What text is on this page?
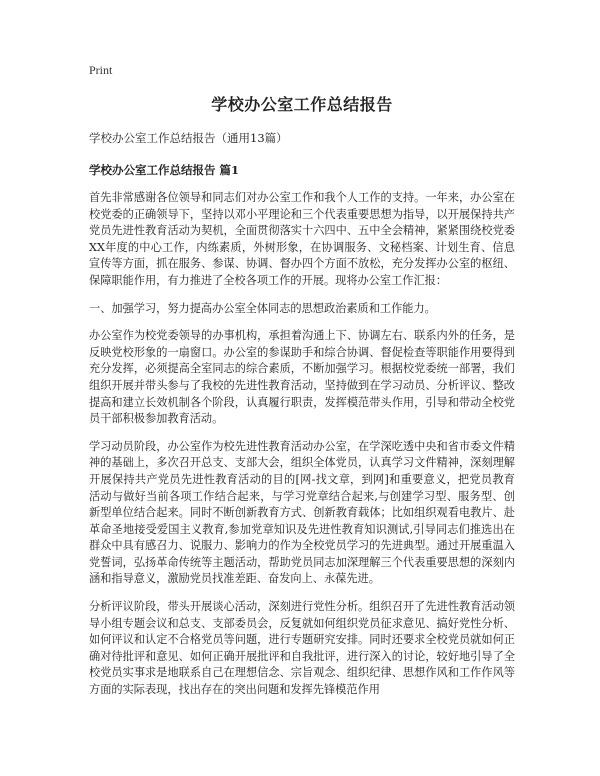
Print
学校办公室工作总结报告
学校办公室工作总结报告（通用13篇）
学校办公室工作总结报告 篇1

首先非常感谢各位领导和同志们对办公室工作和我个人工作的支持。一年来，办公室在校党委的正确领导下，坚持以邓小平理论和三个代表重要思想为指导，以开展保持共产党员先进性教育活动为契机，全面贯彻落实十六四中、五中全会精神，紧紧围绕校党委XX年度的中心工作，内练素质，外树形象，在协调服务、文秘档案、计划生育、信息宣传等方面，抓在服务、参谋、协调、督办四个方面不放松，充分发挥办公室的枢纽、保障职能作用，有力推进了全校各项工作的开展。现将办公室工作汇报：

一、加强学习，努力提高办公室全体同志的思想政治素质和工作能力。

办公室作为校党委领导的办事机构，承担着沟通上下、协调左右、联系内外的任务，是反映党校形象的一扇窗口。办公室的参谋助手和综合协调、督促检查等职能作用要得到充分发挥，必须提高全室同志的综合素质，不断加强学习。根据校党委统一部署，我们组织开展并带头参与了我校的先进性教育活动，坚持做到在学习动员、分析评议、整改提高和建立长效机制各个阶段，认真履行职责，发挥模范带头作用，引导和带动全校党员干部积极参加教育活动。

学习动员阶段，办公室作为校先进性教育活动办公室，在学深吃透中央和省市委文件精神的基础上，多次召开总支、支部大会，组织全体党员，认真学习文件精神，深刻理解开展保持共产党员先进性教育活动的目的[网-找文章，到网]和重要意义，把党员教育活动与做好当前各项工作结合起来，与学习党章结合起来,与创建学习型、服务型、创新型单位结合起来。同时不断创新教育方式、创新教育载体；比如组织观看电教片、赴革命圣地接受爱国主义教育,参加党章知识及先进性教育知识测试,引导同志们推选出在群众中具有感召力、说服力、影响力的作为全校党员学习的先进典型。通过开展重温入党誓词，弘扬革命传统等主题活动，帮助党员同志加深理解三个代表重要思想的深刻内涵和指导意义，激励党员找准差距、奋发向上、永葆先进。

分析评议阶段，带头开展谈心活动，深刻进行党性分析。组织召开了先进性教育活动领导小组专题会议和总支、支部委员会，反复就如何组织党员征求意见、搞好党性分析、如何评议和认定不合格党员等问题，进行专题研究安排。同时还要求全校党员就如何正确对待批评和意见、如何正确开展批评和自我批评，进行深入的讨论，较好地引导了全校党员实事求是地联系自己在理想信念、宗旨观念、组织纪律、思想作风和工作作风等方面的实际表现，找出存在的突出问题和发挥先锋模范作用
